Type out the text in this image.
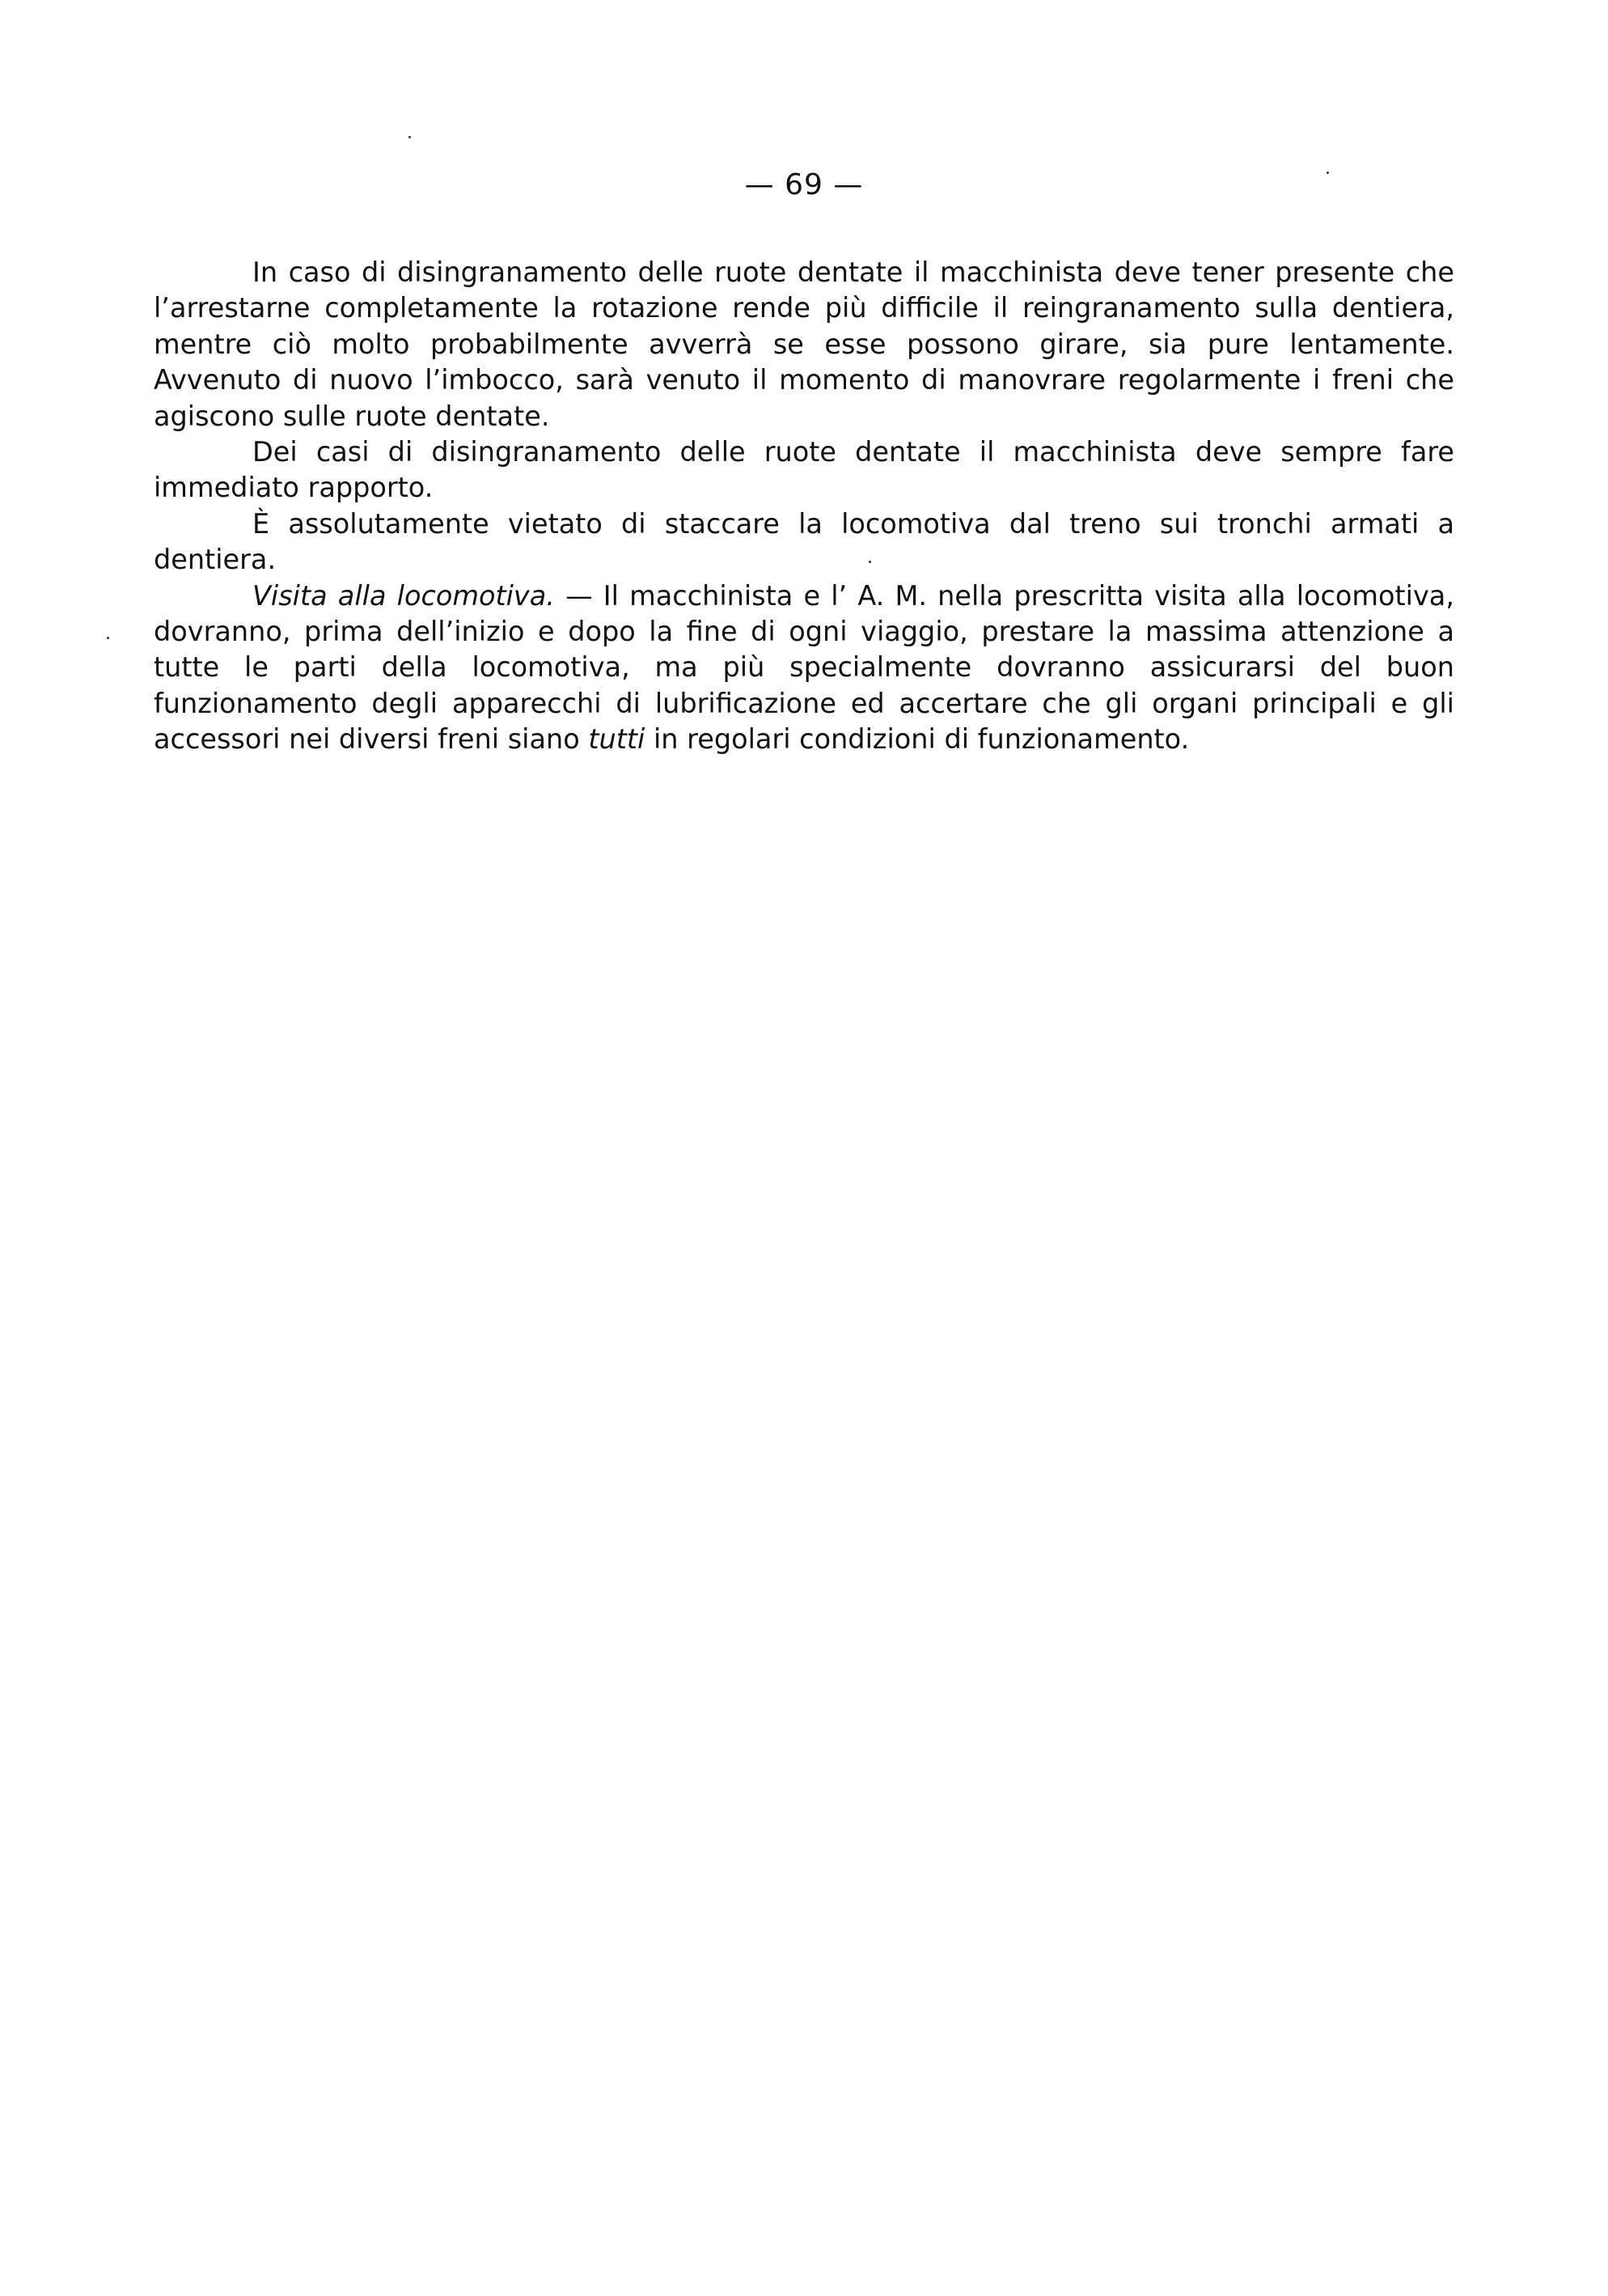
— 69 —

In caso di disingranamento delle ruote dentate il macchinista deve tener presente che l’arrestarne completamente la rotazione rende più difficile il reingranamento sulla dentiera, mentre ciò molto probabilmente avverrà se esse possono girare, sia pure lentamente. Avvenuto di nuovo l’imbocco, sarà venuto il momento di manovrare regolarmente i freni che agiscono sulle ruote dentate.

Dei casi di disingranamento delle ruote dentate il macchinista deve sempre fare immediato rapporto.

È assolutamente vietato di staccare la locomotiva dal treno sui tronchi armati a dentiera.

Visita alla locomotiva. — Il macchinista e l’ A. M. nella prescritta visita alla locomotiva, dovranno, prima dell’inizio e dopo la fine di ogni viaggio, prestare la massima attenzione a tutte le parti della locomotiva, ma più specialmente dovranno assicurarsi del buon funzionamento degli apparecchi di lubrificazione ed accertare che gli organi principali e gli accessori nei diversi freni siano tutti in regolari condizioni di funzionamento.
